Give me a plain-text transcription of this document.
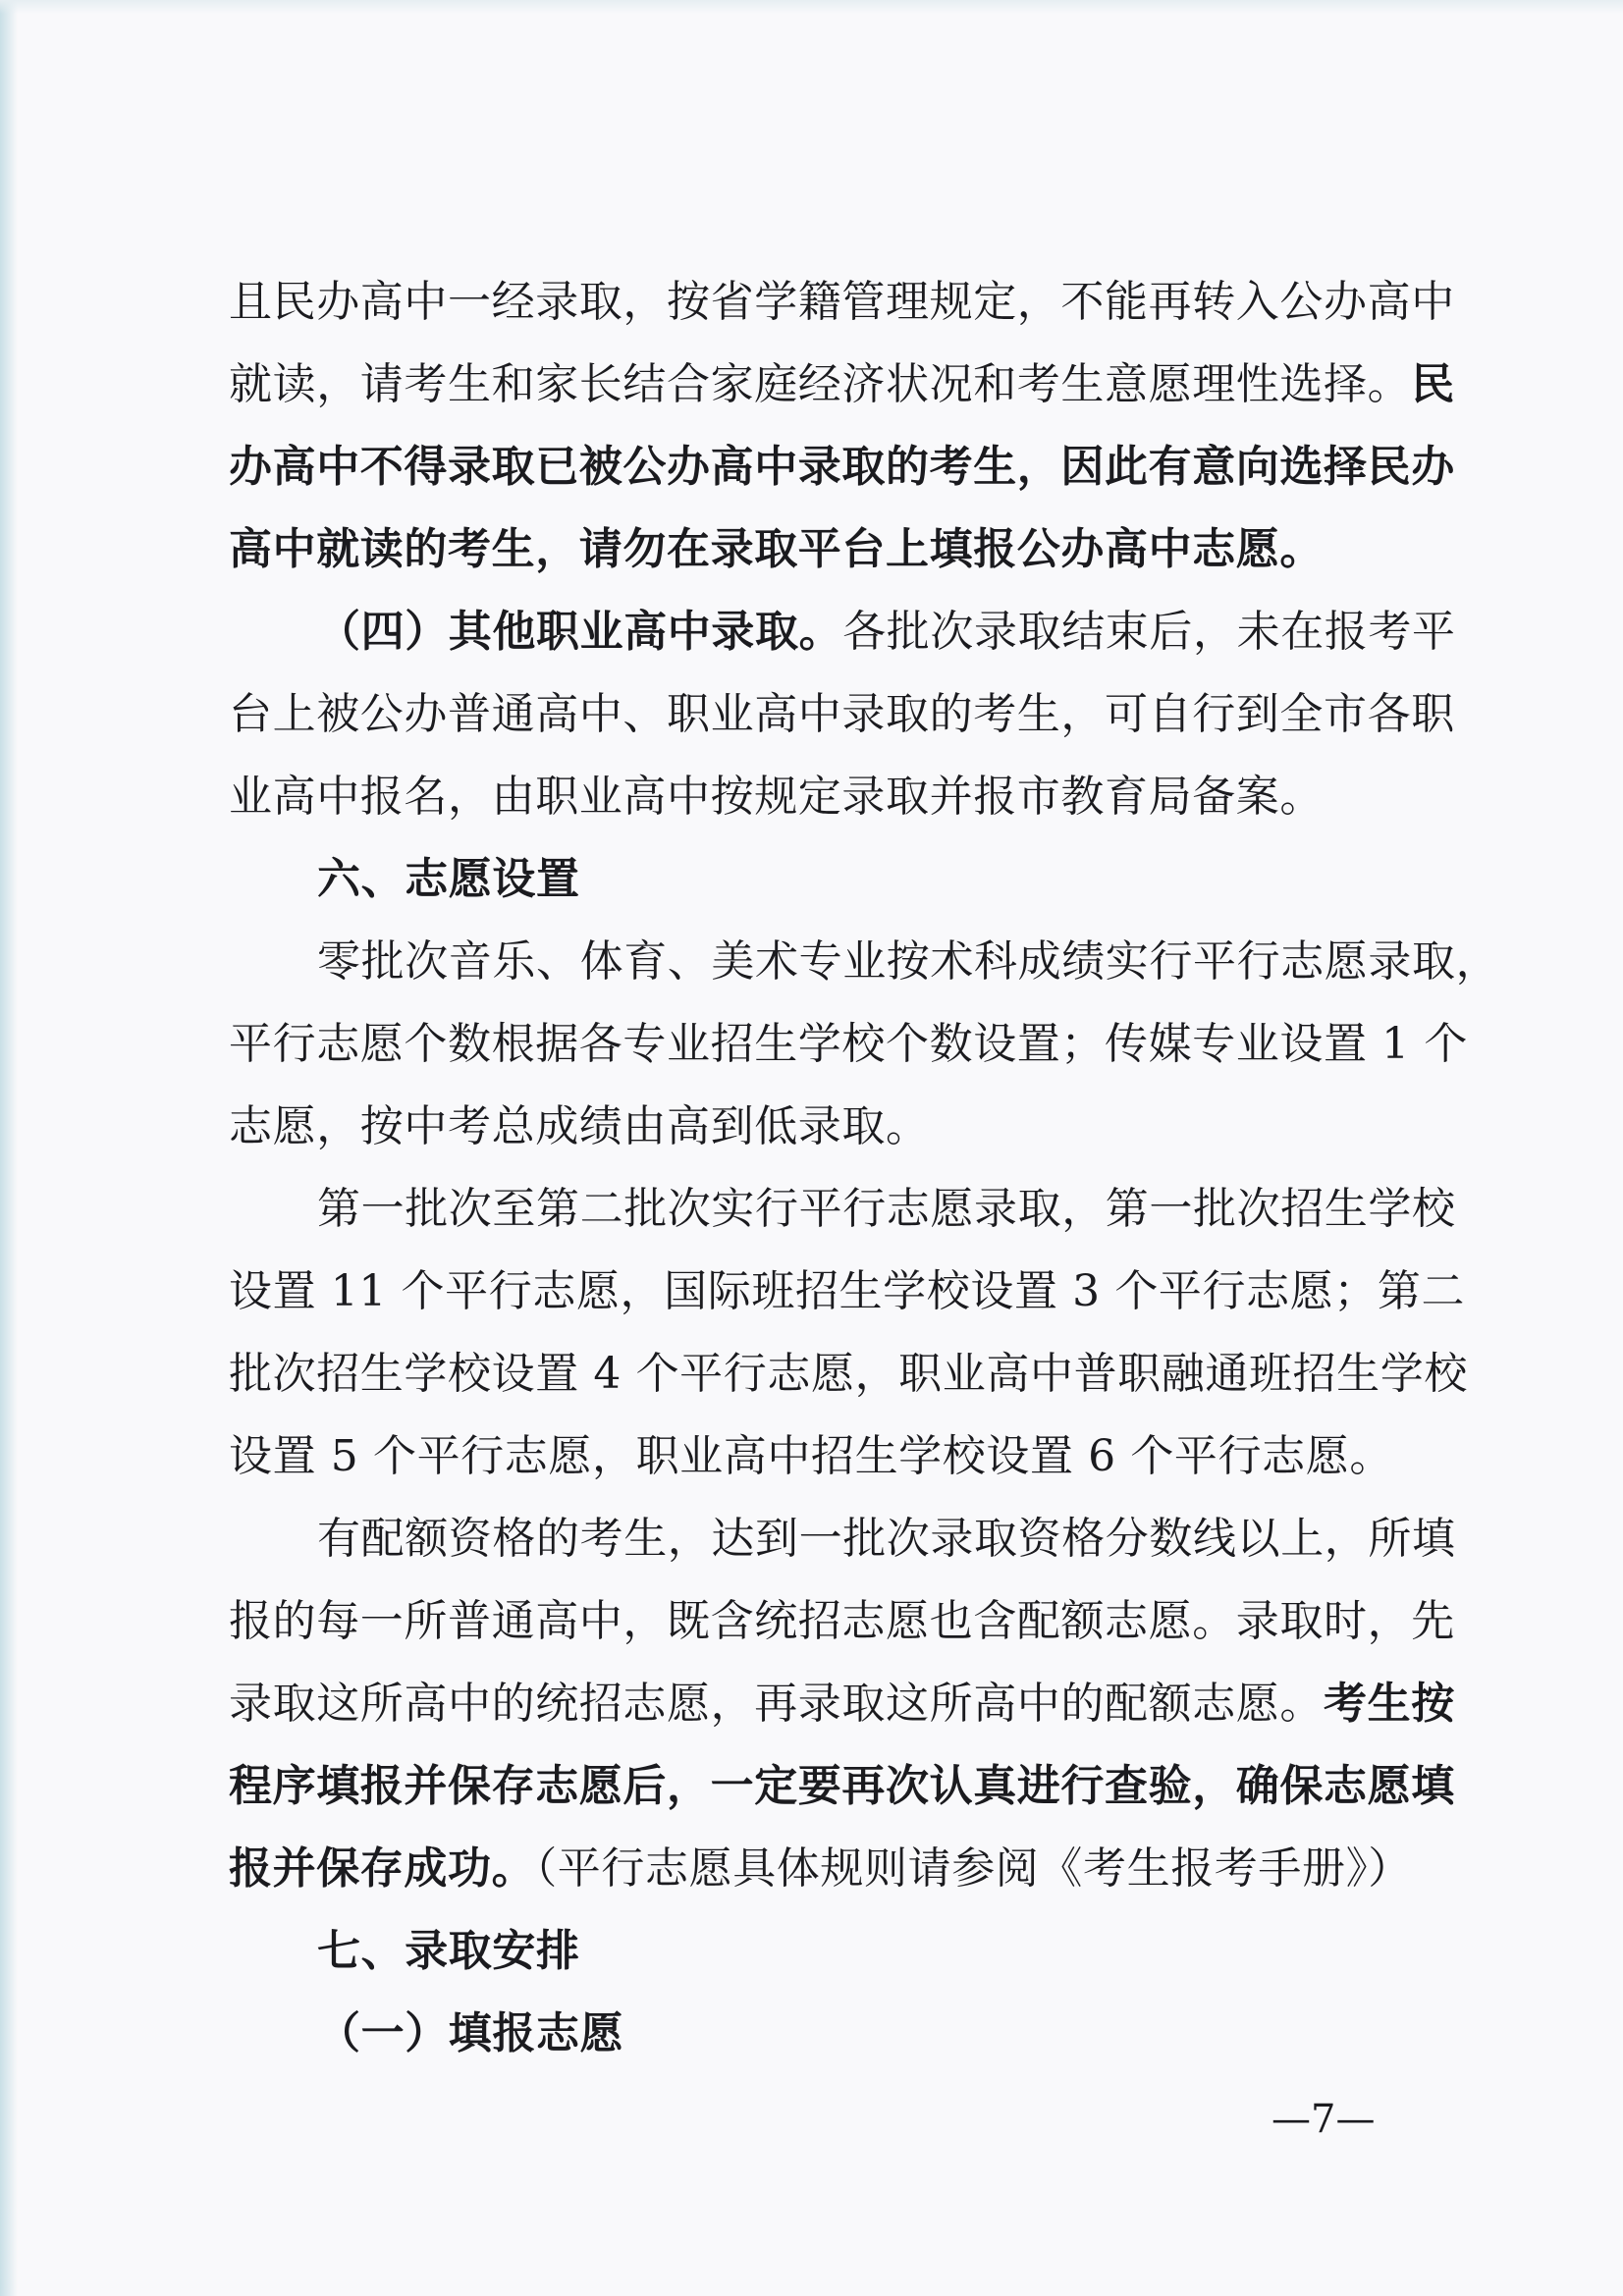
且民办高中一经录取，按省学籍管理规定，不能再转入公办高中
就读，请考生和家长结合家庭经济状况和考生意愿理性选择。民
办高中不得录取已被公办高中录取的考生，因此有意向选择民办
高中就读的考生，请勿在录取平台上填报公办高中志愿。
（四）其他职业高中录取。各批次录取结束后，未在报考平
台上被公办普通高中、职业高中录取的考生，可自行到全市各职
业高中报名，由职业高中按规定录取并报市教育局备案。
六、志愿设置
零批次音乐、体育、美术专业按术科成绩实行平行志愿录取，
平行志愿个数根据各专业招生学校个数设置；传媒专业设置 1 个
志愿，按中考总成绩由高到低录取。
第一批次至第二批次实行平行志愿录取，第一批次招生学校
设置 11 个平行志愿，国际班招生学校设置 3 个平行志愿；第二
批次招生学校设置 4 个平行志愿，职业高中普职融通班招生学校
设置 5 个平行志愿，职业高中招生学校设置 6 个平行志愿。
有配额资格的考生，达到一批次录取资格分数线以上，所填
报的每一所普通高中，既含统招志愿也含配额志愿。录取时，先
录取这所高中的统招志愿，再录取这所高中的配额志愿。考生按
程序填报并保存志愿后，一定要再次认真进行查验，确保志愿填
报并保存成功。（平行志愿具体规则请参阅《考生报考手册》）
七、录取安排
（一）填报志愿
—7—
